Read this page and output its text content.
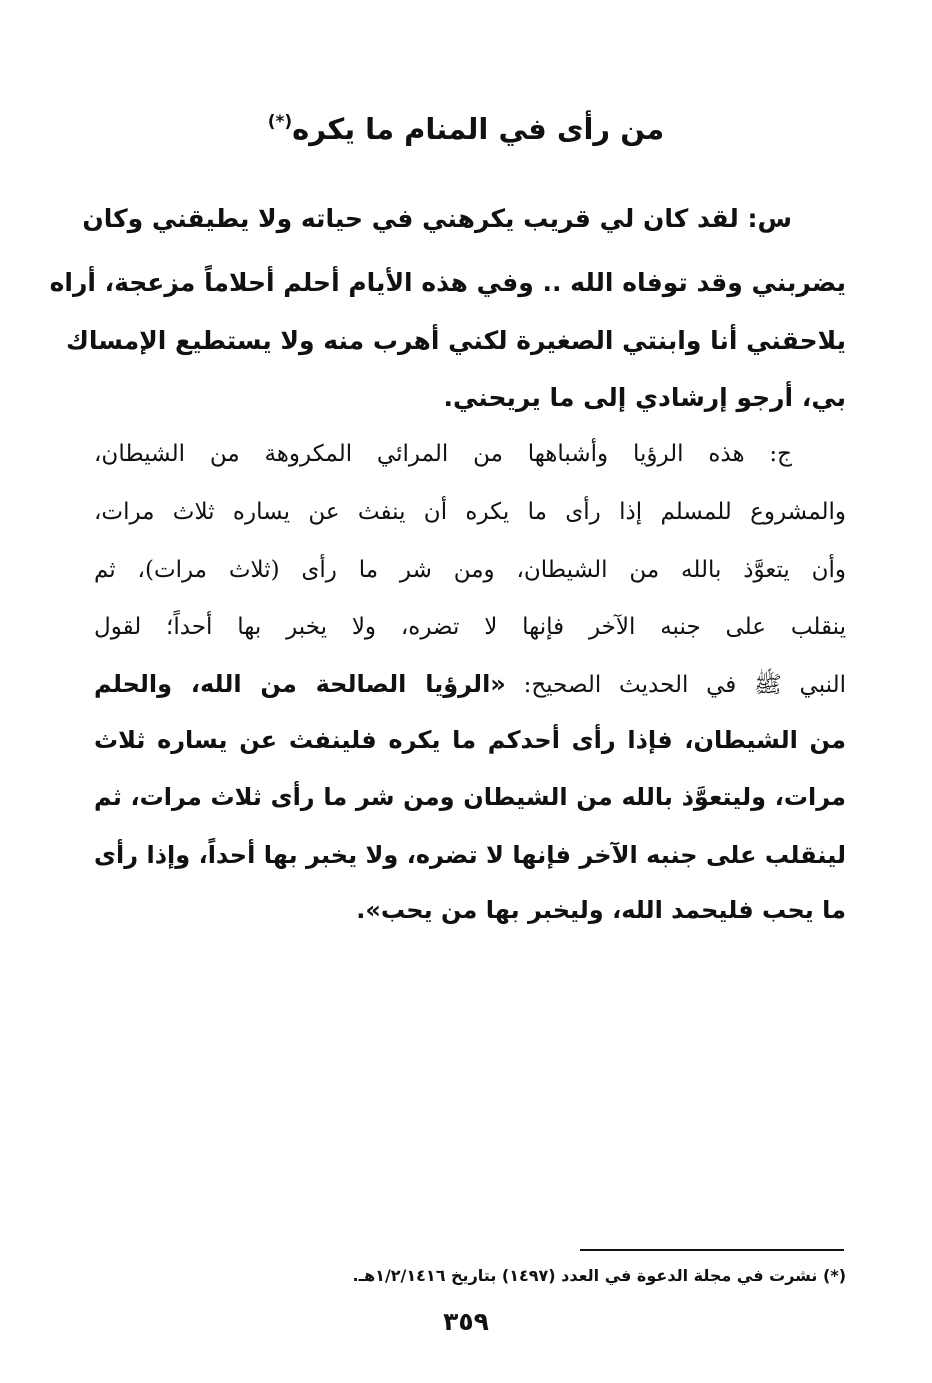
من رأى في المنام ما يكره(*)

س: لقد كان لي قريب يكرهني في حياته ولا يطيقني وكان

يضربني وقد توفاه الله .. وفي هذه الأيام أحلم أحلاماً مزعجة، أراه

يلاحقني أنا وابنتي الصغيرة لكني أهرب منه ولا يستطيع الإمساك

بي، أرجو إرشادي إلى ما يريحني.

ج: هذه الرؤيا وأشباهها من المرائي المكروهة من الشيطان،

والمشروع للمسلم إذا رأى ما يكره أن ينفث عن يساره ثلاث مرات،

وأن يتعوَّذ بالله من الشيطان، ومن شر ما رأى (ثلاث مرات)، ثم

ينقلب على جنبه الآخر فإنها لا تضره، ولا يخبر بها أحداً؛ لقول

النبي ﷺ في الحديث الصحيح: «الرؤيا الصالحة من الله، والحلم

من الشيطان، فإذا رأى أحدكم ما يكره فلينفث عن يساره ثلاث

مرات، وليتعوَّذ بالله من الشيطان ومن شر ما رأى ثلاث مرات، ثم

لينقلب على جنبه الآخر فإنها لا تضره، ولا يخبر بها أحداً، وإذا رأى

ما يحب فليحمد الله، وليخبر بها من يحب».

(*) نشرت في مجلة الدعوة في العدد (١٤٩٧) بتاريخ ١/٢/١٤١٦هـ.

٣٥٩
